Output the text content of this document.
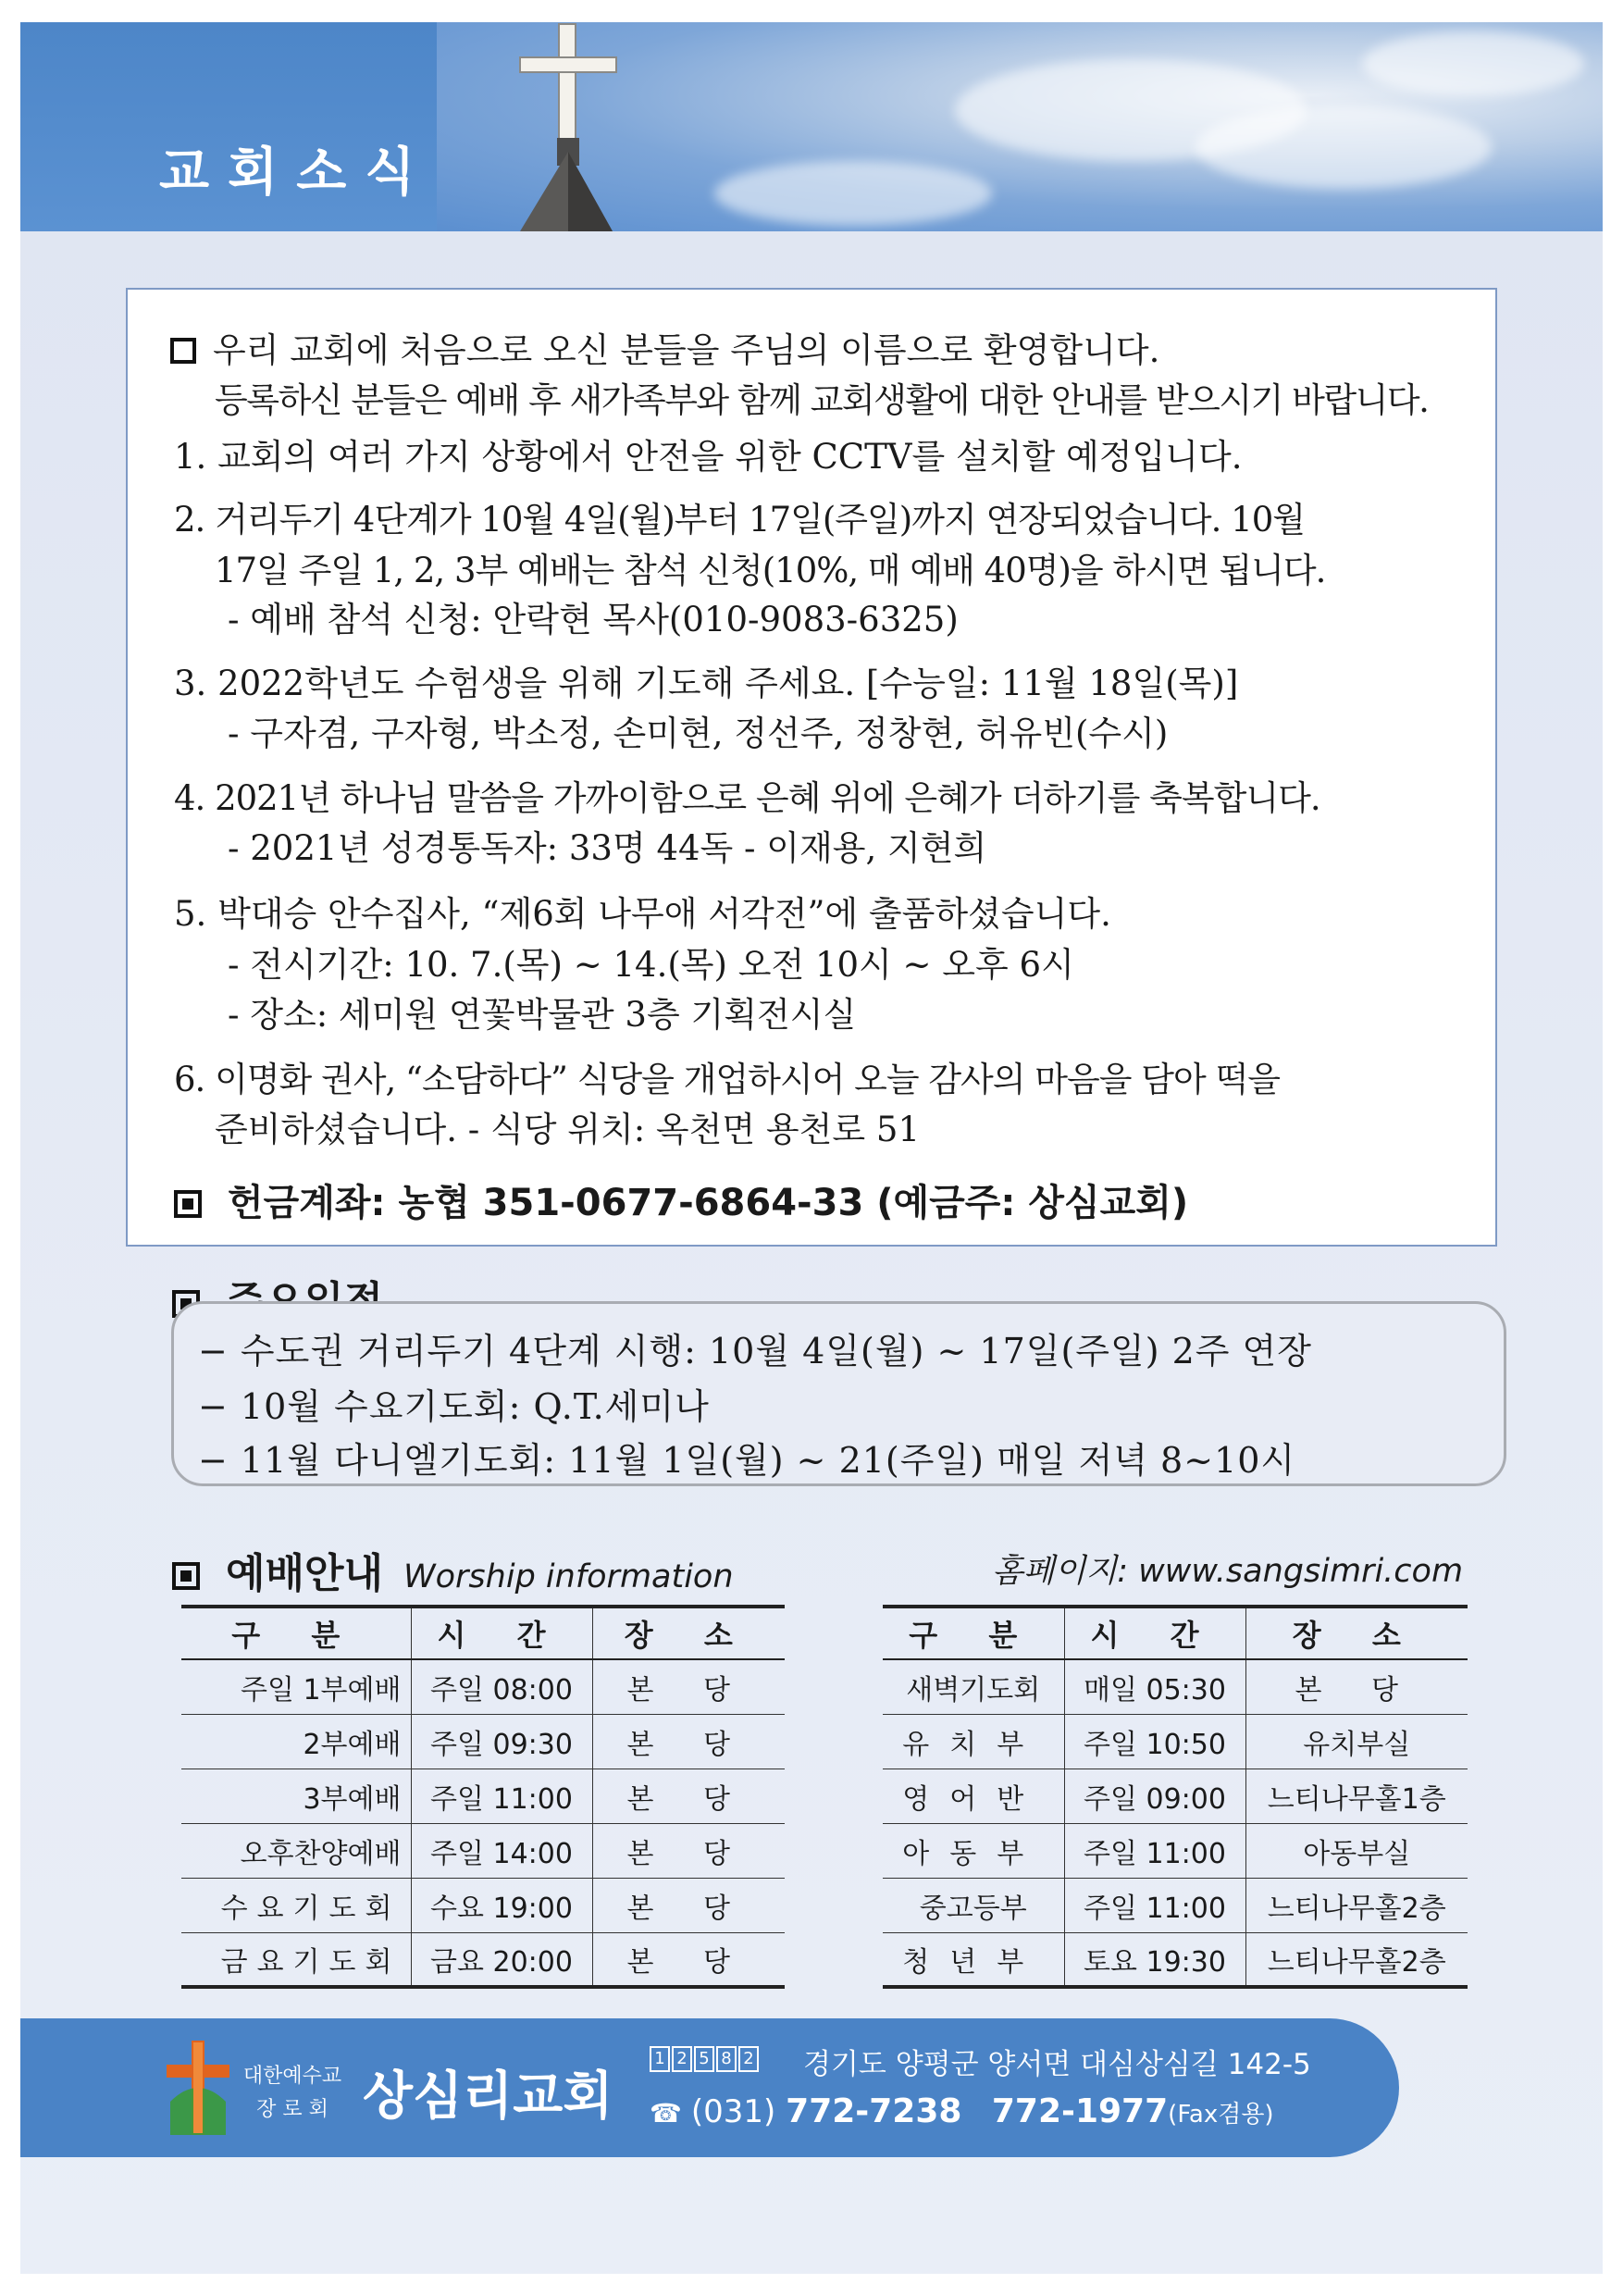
교회소식

우리 교회에 처음으로 오신 분들을 주님의 이름으로 환영합니다.

등록하신 분들은 예배 후 새가족부와 함께 교회생활에 대한 안내를 받으시기 바랍니다.

1. 교회의 여러 가지 상황에서 안전을 위한 CCTV를 설치할 예정입니다.

2. 거리두기 4단계가 10월 4일(월)부터 17일(주일)까지 연장되었습니다. 10월

17일 주일 1, 2, 3부 예배는 참석 신청(10%, 매 예배 40명)을 하시면 됩니다.

- 예배 참석 신청: 안락현 목사(010-9083-6325)

3. 2022학년도 수험생을 위해 기도해 주세요. [수능일: 11월 18일(목)]

- 구자겸, 구자형, 박소정, 손미현, 정선주, 정창현, 허유빈(수시)

4. 2021년 하나님 말씀을 가까이함으로 은혜 위에 은혜가 더하기를 축복합니다.

- 2021년 성경통독자: 33명 44독 - 이재용, 지현희

5. 박대승 안수집사, “제6회 나무애 서각전”에 출품하셨습니다.

- 전시기간: 10. 7.(목) ~ 14.(목) 오전 10시 ~ 오후 6시

- 장소: 세미원 연꽃박물관 3층 기획전시실

6. 이명화 권사, “소담하다” 식당을 개업하시어 오늘 감사의 마음을 담아 떡을

준비하셨습니다. - 식당 위치: 옥천면 용천로 51

헌금계좌: 농협 351-0677-6864-33 (예금주: 상심교회)

− 수도권 거리두기 4단계 시행: 10월 4일(월) ~ 17일(주일) 2주 연장

− 10월 수요기도회: Q.T.세미나

− 11월 다니엘기도회: 11월 1일(월) ~ 21(주일) 매일 저녁 8~10시

예배안내 Worship information	홈페이지: www.sangsimri.com
구 분	시 간	장 소
주일 1부예배	주일 08:00	본 당
2부예배	주일 09:30	본 당
3부예배	주일 11:00	본 당
오후찬양예배	주일 14:00	본 당
수요기도회	수요 19:00	본 당
금요기도회	금요 20:00	본 당
구 분	시 간	장 소
새벽기도회	매일 05:30	본 당
유치부	주일 10:50	유치부실
영어반	주일 09:00	느티나무홀1층
아동부	주일 11:00	아동부실
중고등부	주일 11:00	느티나무홀2층
청년부	토요 19:30	느티나무홀2층
대한예수교
장 로 회 상심리교회
1 2 5 8 2 경기도 양평군 양서면 대심상심길 142-5
☎ (031) 772-7238 772-1977(Fax겸용)
